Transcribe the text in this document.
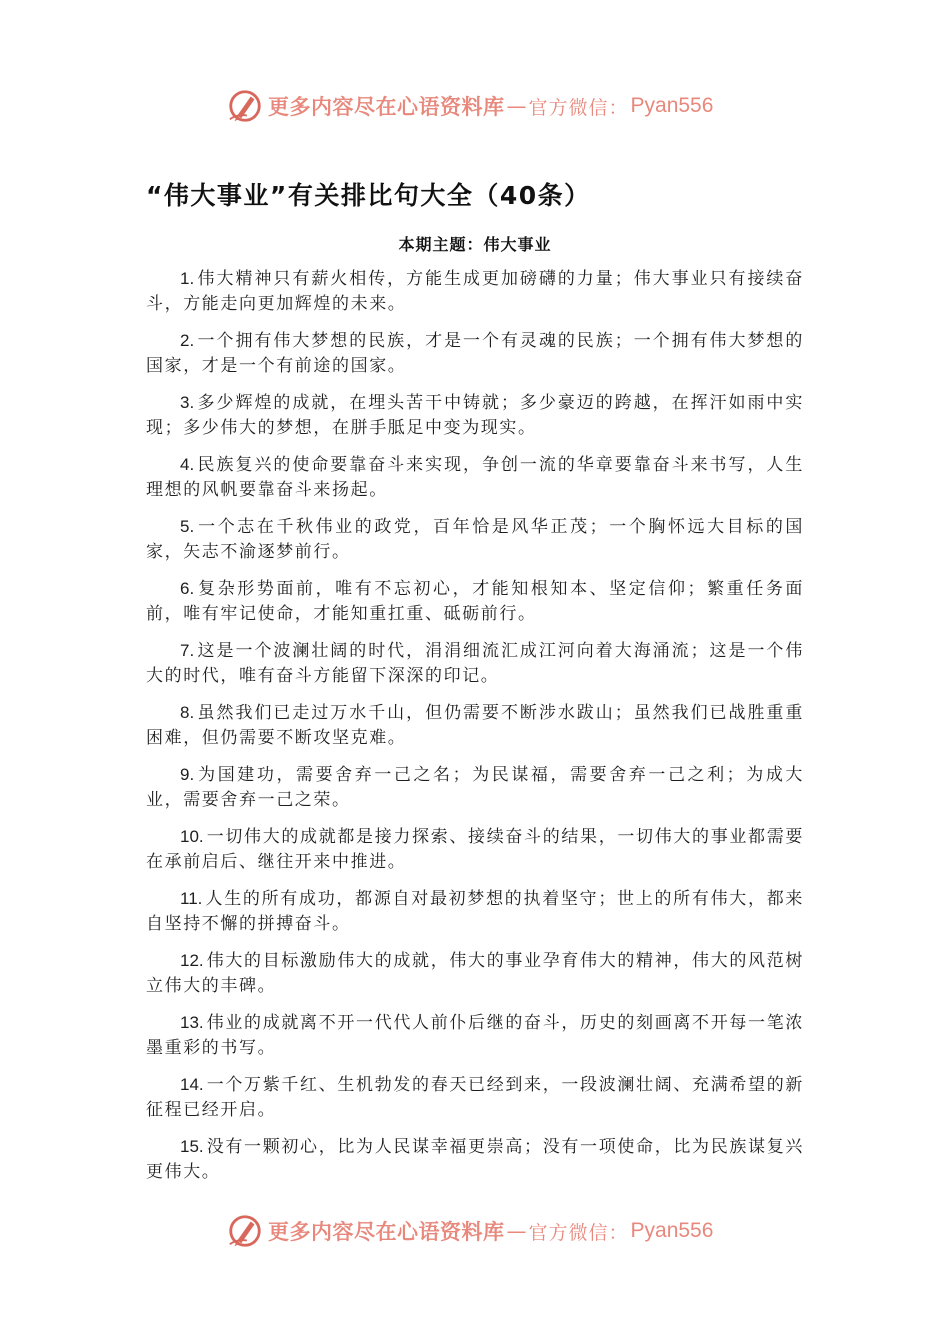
更多内容尽在心语资料库 — 官方微信： Pyan556
“伟大事业”有关排比句大全（40条）
本期主题：伟大事业

1. 伟大精神只有薪火相传，方能生成更加磅礴的力量；伟大事业只有接续奋斗，方能走向更加辉煌的未来。

2. 一个拥有伟大梦想的民族，才是一个有灵魂的民族；一个拥有伟大梦想的国家，才是一个有前途的国家。

3. 多少辉煌的成就，在埋头苦干中铸就；多少豪迈的跨越，在挥汗如雨中实现；多少伟大的梦想，在胼手胝足中变为现实。

4. 民族复兴的使命要靠奋斗来实现，争创一流的华章要靠奋斗来书写，人生理想的风帆要靠奋斗来扬起。

5. 一个志在千秋伟业的政党，百年恰是风华正茂；一个胸怀远大目标的国家，矢志不渝逐梦前行。

6. 复杂形势面前，唯有不忘初心，才能知根知本、坚定信仰；繁重任务面前，唯有牢记使命，才能知重扛重、砥砺前行。

7. 这是一个波澜壮阔的时代，涓涓细流汇成江河向着大海涌流；这是一个伟大的时代，唯有奋斗方能留下深深的印记。

8. 虽然我们已走过万水千山，但仍需要不断涉水跋山；虽然我们已战胜重重困难，但仍需要不断攻坚克难。

9. 为国建功，需要舍弃一己之名；为民谋福，需要舍弃一己之利；为成大业，需要舍弃一己之荣。

10. 一切伟大的成就都是接力探索、接续奋斗的结果，一切伟大的事业都需要在承前启后、继往开来中推进。

11. 人生的所有成功，都源自对最初梦想的执着坚守；世上的所有伟大，都来自坚持不懈的拼搏奋斗。

12. 伟大的目标激励伟大的成就，伟大的事业孕育伟大的精神，伟大的风范树立伟大的丰碑。

13. 伟业的成就离不开一代代人前仆后继的奋斗，历史的刻画离不开每一笔浓墨重彩的书写。

14. 一个万紫千红、生机勃发的春天已经到来，一段波澜壮阔、充满希望的新征程已经开启。

15. 没有一颗初心，比为人民谋幸福更崇高；没有一项使命，比为民族谋复兴更伟大。

更多内容尽在心语资料库 — 官方微信： Pyan556
